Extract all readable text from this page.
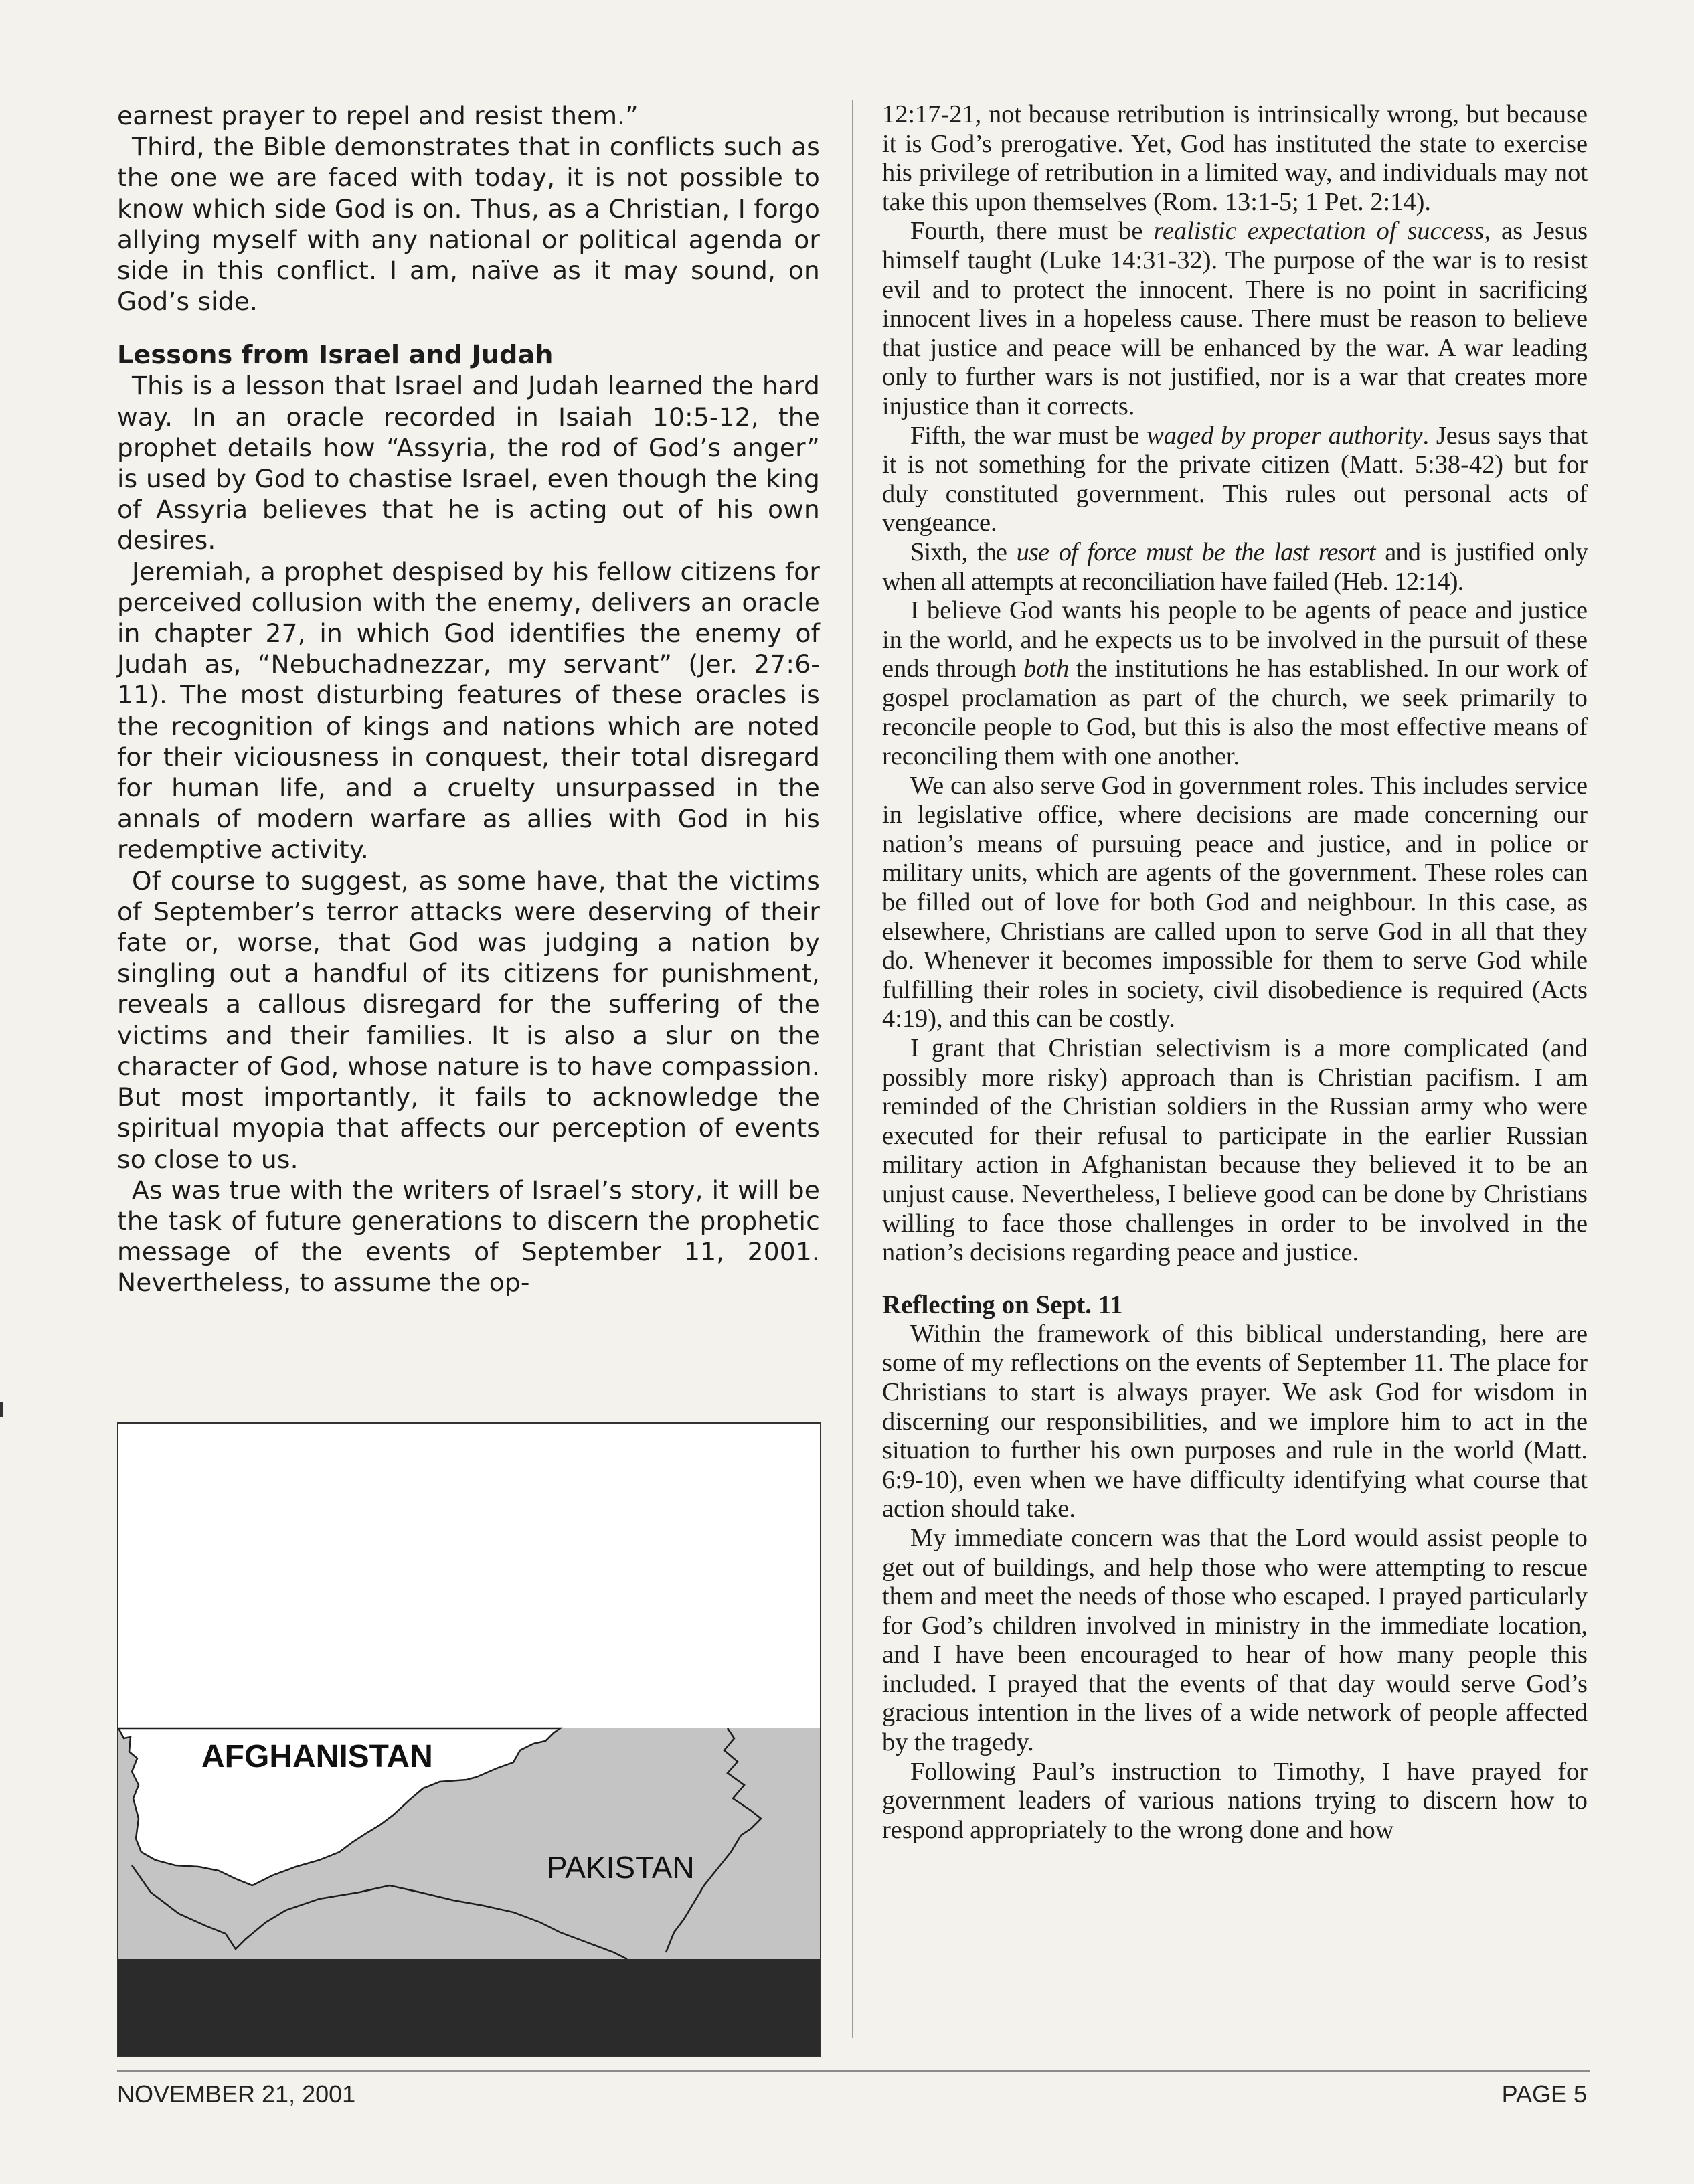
earnest prayer to repel and resist them.”

Third, the Bible demonstrates that in conflicts such as the one we are faced with today, it is not possible to know which side God is on. Thus, as a Christian, I forgo allying myself with any national or political agenda or side in this conflict. I am, naïve as it may sound, on God’s side.

Lessons from Israel and Judah

This is a lesson that Israel and Judah learned the hard way. In an oracle recorded in Isaiah 10:5-12, the prophet details how “Assyria, the rod of God’s anger” is used by God to chastise Israel, even though the king of Assyria believes that he is acting out of his own desires.

Jeremiah, a prophet despised by his fellow citizens for perceived collusion with the enemy, delivers an oracle in chapter 27, in which God identifies the enemy of Judah as, “Nebuchadnezzar, my servant” (Jer. 27:6-11). The most disturbing features of these oracles is the recognition of kings and nations which are noted for their viciousness in conquest, their total disregard for human life, and a cruelty unsurpassed in the annals of modern warfare as allies with God in his redemptive activity.

Of course to suggest, as some have, that the victims of September’s terror attacks were deserving of their fate or, worse, that God was judging a nation by singling out a handful of its citizens for punishment, reveals a callous disregard for the suffering of the victims and their families. It is also a slur on the character of God, whose nature is to have compassion. But most importantly, it fails to acknowledge the spiritual myopia that affects our perception of events so close to us.

As was true with the writers of Israel’s story, it will be the task of future generations to discern the prophetic message of the events of September 11, 2001. Nevertheless, to assume the op-

12:17-21, not because retribution is intrinsically wrong, but because it is God’s prerogative. Yet, God has instituted the state to exercise his privilege of retribution in a limited way, and individuals may not take this upon themselves (Rom. 13:1-5; 1 Pet. 2:14).

Fourth, there must be realistic expectation of success, as Jesus himself taught (Luke 14:31-32). The purpose of the war is to resist evil and to protect the innocent. There is no point in sacrificing innocent lives in a hopeless cause. There must be reason to believe that justice and peace will be enhanced by the war. A war leading only to further wars is not justified, nor is a war that creates more injustice than it corrects.

Fifth, the war must be waged by proper authority. Jesus says that it is not something for the private citizen (Matt. 5:38-42) but for duly constituted government. This rules out personal acts of vengeance.

Sixth, the use of force must be the last resort and is justified only when all attempts at reconciliation have failed (Heb. 12:14).

I believe God wants his people to be agents of peace and justice in the world, and he expects us to be involved in the pursuit of these ends through both the institutions he has established. In our work of gospel proclamation as part of the church, we seek primarily to reconcile people to God, but this is also the most effective means of reconciling them with one another.

We can also serve God in government roles. This includes service in legislative office, where decisions are made concerning our nation’s means of pursuing peace and justice, and in police or military units, which are agents of the government. These roles can be filled out of love for both God and neighbour. In this case, as elsewhere, Christians are called upon to serve God in all that they do. Whenever it becomes impossible for them to serve God while fulfilling their roles in society, civil disobedience is required (Acts 4:19), and this can be costly.

I grant that Christian selectivism is a more complicated (and possibly more risky) approach than is Christian pacifism. I am reminded of the Christian soldiers in the Russian army who were executed for their refusal to participate in the earlier Russian military action in Afghanistan because they believed it to be an unjust cause. Nevertheless, I believe good can be done by Christians willing to face those challenges in order to be involved in the nation’s decisions regarding peace and justice.

Reflecting on Sept. 11

Within the framework of this biblical understanding, here are some of my reflections on the events of September 11. The place for Christians to start is always prayer. We ask God for wisdom in discerning our responsibilities, and we implore him to act in the situation to further his own purposes and rule in the world (Matt. 6:9-10), even when we have difficulty identifying what course that action should take.

My immediate concern was that the Lord would assist people to get out of buildings, and help those who were attempting to rescue them and meet the needs of those who escaped. I prayed particularly for God’s children involved in ministry in the immediate location, and I have been encouraged to hear of how many people this included. I prayed that the events of that day would serve God’s gracious intention in the lives of a wide network of people affected by the tragedy.

Following Paul’s instruction to Timothy, I have prayed for government leaders of various nations trying to discern how to respond appropriately to the wrong done and how

AFGHANISTAN
PAKISTAN
NOVEMBER 21, 2001	PAGE 5
